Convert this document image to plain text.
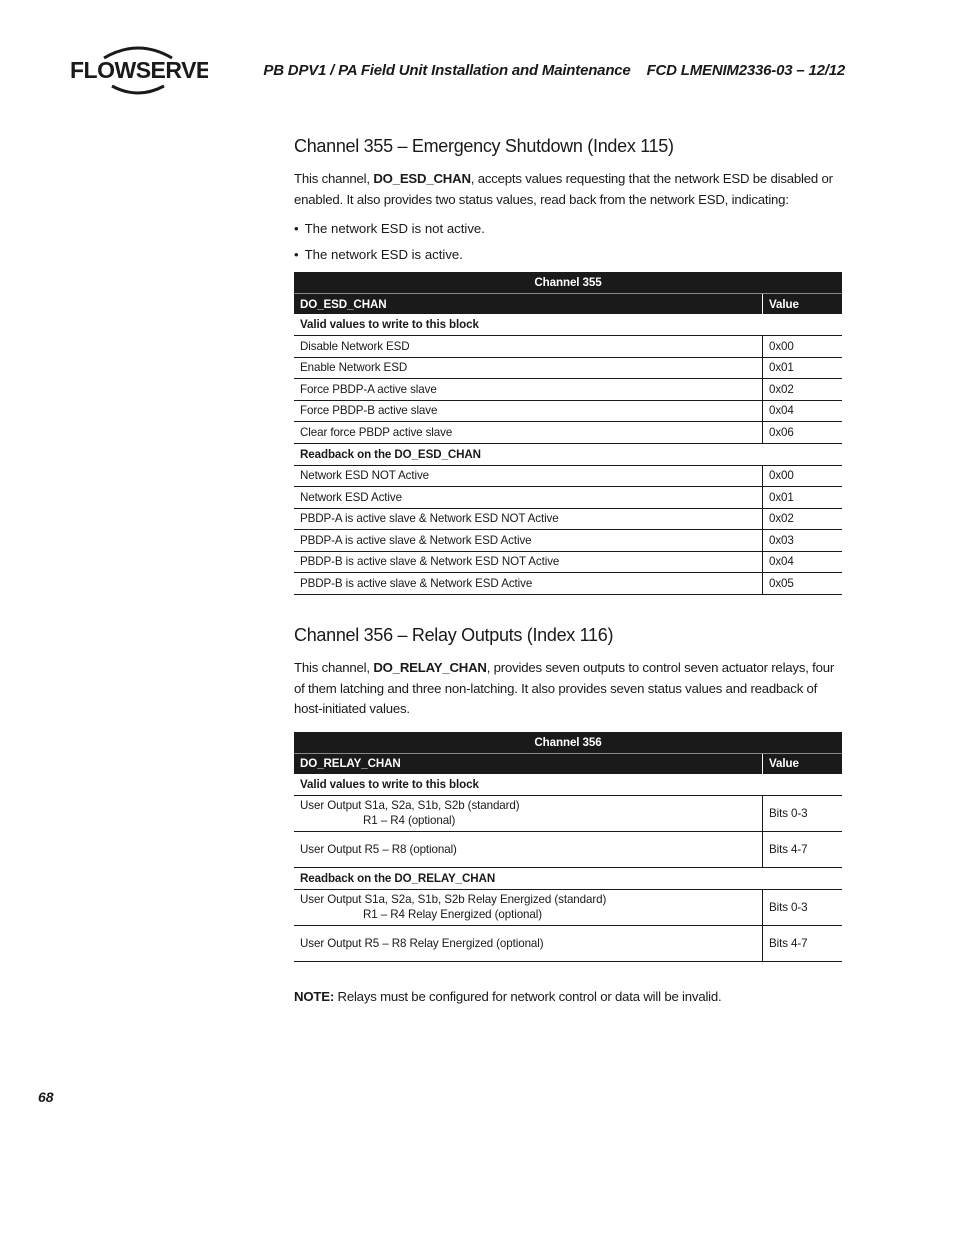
FLOWSERVE	PB DPV1 / PA Field Unit Installation and Maintenance FCD LMENIM2336-03 – 12/12
Channel 355 – Emergency Shutdown (Index 115)

This channel, DO_ESD_CHAN, accepts values requesting that the network ESD be disabled or enabled. It also provides two status values, read back from the network ESD, indicating:

• The network ESD is not active.
• The network ESD is active.
Channel 355	
DO_ESD_CHAN	Value
Valid values to write to this block	
Disable Network ESD	0x00
Enable Network ESD	0x01
Force PBDP-A active slave	0x02
Force PBDP-B active slave	0x04
Clear force PBDP active slave	0x06
Readback on the DO_ESD_CHAN	
Network ESD NOT Active	0x00
Network ESD Active	0x01
PBDP-A is active slave & Network ESD NOT Active	0x02
PBDP-A is active slave & Network ESD Active	0x03
PBDP-B is active slave & Network ESD NOT Active	0x04
PBDP-B is active slave & Network ESD Active	0x05
Channel 356 – Relay Outputs (Index 116)

This channel, DO_RELAY_CHAN, provides seven outputs to control seven actuator relays, four of them latching and three non-latching. It also provides seven status values and readback of host-initiated values.

Channel 356	
DO_RELAY_CHAN	Value
Valid values to write to this block	

User Output S1a, S2a, S1b, S2b (standard)
R1 – R4 (optional)	Bits 0-3
User Output R5 – R8 (optional)	Bits 4-7
Readback on the DO_RELAY_CHAN	

User Output S1a, S2a, S1b, S2b Relay Energized (standard)
R1 – R4 Relay Energized (optional)	Bits 0-3
User Output R5 – R8 Relay Energized (optional)	Bits 4-7
NOTE: Relays must be configured for network control or data will be invalid.
68
